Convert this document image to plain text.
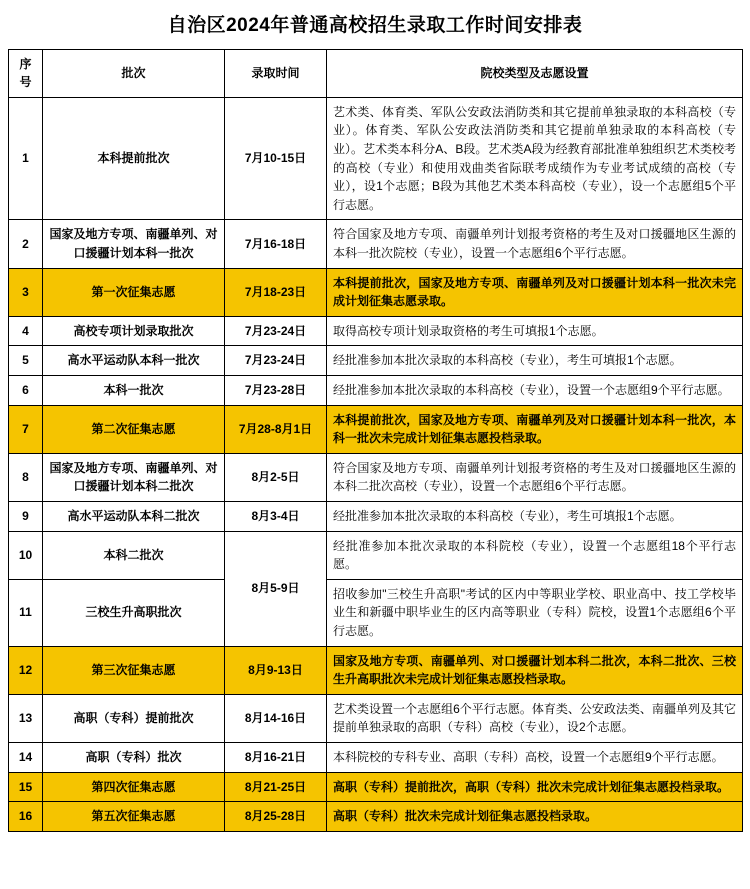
自治区2024年普通高校招生录取工作时间安排表
序号	批次	录取时间	院校类型及志愿设置
1	本科提前批次	7月10-15日	艺术类、体育类、军队公安政法消防类和其它提前单独录取的本科高校（专业）。体育类、军队公安政法消防类和其它提前单独录取的本科高校（专业）。艺术类本科分A、B段。艺术类A段为经教育部批准单独组织艺术类校考的高校（专业）和使用戏曲类省际联考成绩作为专业考试成绩的高校（专业），设1个志愿；B段为其他艺术类本科高校（专业），设一个志愿组5个平行志愿。
2	国家及地方专项、南疆单列、对口援疆计划本科一批次	7月16-18日	符合国家及地方专项、南疆单列计划报考资格的考生及对口援疆地区生源的本科一批次院校（专业），设置一个志愿组6个平行志愿。
3	第一次征集志愿	7月18-23日	本科提前批次，国家及地方专项、南疆单列及对口援疆计划本科一批次未完成计划征集志愿录取。
4	高校专项计划录取批次	7月23-24日	取得高校专项计划录取资格的考生可填报1个志愿。
5	高水平运动队本科一批次	7月23-24日	经批准参加本批次录取的本科高校（专业），考生可填报1个志愿。
6	本科一批次	7月23-28日	经批准参加本批次录取的本科高校（专业），设置一个志愿组9个平行志愿。
7	第二次征集志愿	7月28-8月1日	本科提前批次，国家及地方专项、南疆单列及对口援疆计划本科一批次，本科一批次未完成计划征集志愿投档录取。
8	国家及地方专项、南疆单列、对口援疆计划本科二批次	8月2-5日	符合国家及地方专项、南疆单列计划报考资格的考生及对口援疆地区生源的本科二批次高校（专业），设置一个志愿组6个平行志愿。
9	高水平运动队本科二批次	8月3-4日	经批准参加本批次录取的本科高校（专业），考生可填报1个志愿。
10	本科二批次	8月5-9日	经批准参加本批次录取的本科院校（专业），设置一个志愿组18个平行志愿。
11	三校生升高职批次		招收参加"三校生升高职"考试的区内中等职业学校、职业高中、技工学校毕业生和新疆中职毕业生的区内高等职业（专科）院校，设置1个志愿组6个平行志愿。
12	第三次征集志愿	8月9-13日	国家及地方专项、南疆单列、对口援疆计划本科二批次，本科二批次、三校生升高职批次未完成计划征集志愿投档录取。
13	高职（专科）提前批次	8月14-16日	艺术类设置一个志愿组6个平行志愿。体育类、公安政法类、南疆单列及其它提前单独录取的高职（专科）高校（专业），设2个志愿。
14	高职（专科）批次	8月16-21日	本科院校的专科专业、高职（专科）高校，设置一个志愿组9个平行志愿。
15	第四次征集志愿	8月21-25日	高职（专科）提前批次，高职（专科）批次未完成计划征集志愿投档录取。
16	第五次征集志愿	8月25-28日	高职（专科）批次未完成计划征集志愿投档录取。
